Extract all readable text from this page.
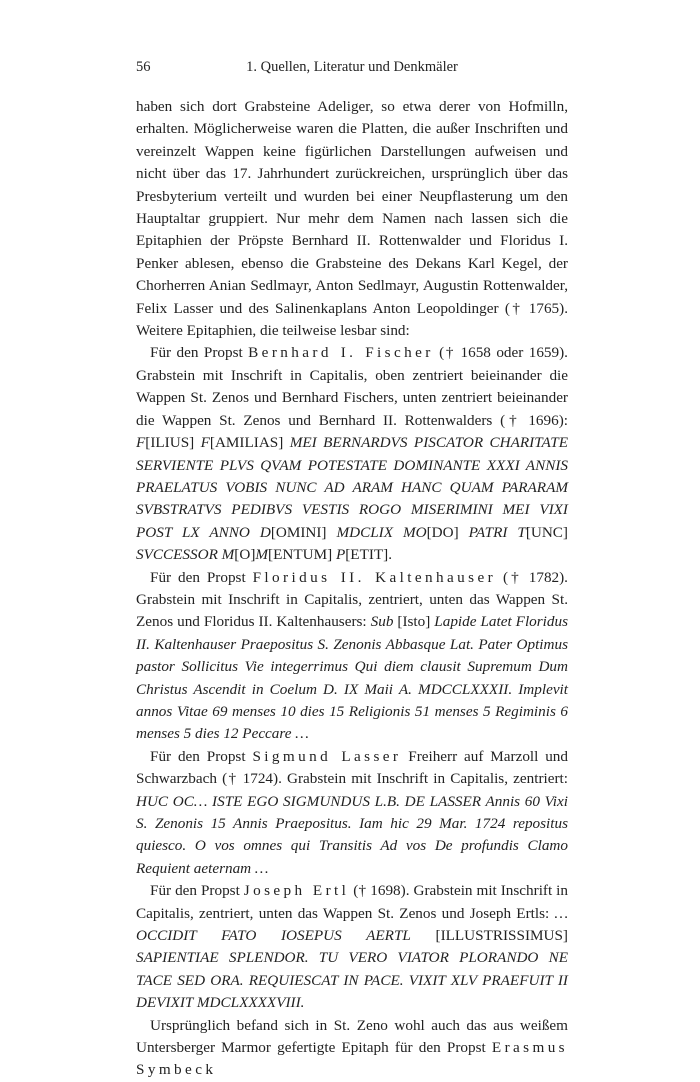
56	1. Quellen, Literatur und Denkmäler

haben sich dort Grabsteine Adeliger, so etwa derer von Hofmilln, erhalten. Möglicherweise waren die Platten, die außer Inschriften und vereinzelt Wappen keine figürlichen Darstellungen aufweisen und nicht über das 17. Jahrhundert zurückreichen, ursprünglich über das Presbyterium verteilt und wurden bei einer Neupflasterung um den Hauptaltar gruppiert. Nur mehr dem Namen nach lassen sich die Epitaphien der Pröpste Bernhard II. Rottenwalder und Floridus I. Penker ablesen, ebenso die Grabsteine des Dekans Karl Kegel, der Chorherren Anian Sedlmayr, Anton Sedlmayr, Augustin Rottenwalder, Felix Lasser und des Salinenkaplans Anton Leopoldinger († 1765). Weitere Epitaphien, die teilweise lesbar sind:

Für den Propst Bernhard I. Fischer († 1658 oder 1659). Grabstein mit Inschrift in Capitalis, oben zentriert beieinander die Wappen St. Zenos und Bernhard Fischers, unten zentriert beieinander die Wappen St. Zenos und Bernhard II. Rottenwalders († 1696): F[ILIUS] F[AMILIAS] MEI BERNARDVS PISCATOR CHARITATE SERVIENTE PLVS QVAM POTESTATE DOMINANTE XXXI ANNIS PRAELATUS VOBIS NUNC AD ARAM HANC QUAM PARARAM SVBSTRATVS PEDIBVS VESTIS ROGO MISERIMINI MEI VIXI POST LX ANNO D[OMINI] MDCLIX MO[DO] PATRI T[UNC] SVCCESSOR M[O]M[ENTUM] P[ETIT].

Für den Propst Floridus II. Kaltenhauser († 1782). Grabstein mit Inschrift in Capitalis, zentriert, unten das Wappen St. Zenos und Floridus II. Kaltenhausers: Sub [Isto] Lapide Latet Floridus II. Kaltenhauser Praepositus S. Zenonis Abbasque Lat. Pater Optimus pastor Sollicitus Vie integerrimus Qui diem clausit Supremum Dum Christus Ascendit in Coelum D. IX Maii A. MDCCLXXXII. Implevit annos Vitae 69 menses 10 dies 15 Religionis 51 menses 5 Regiminis 6 menses 5 dies 12 Peccare …

Für den Propst Sigmund Lasser Freiherr auf Marzoll und Schwarzbach († 1724). Grabstein mit Inschrift in Capitalis, zentriert: HUC OC… ISTE EGO SIGMUNDUS L.B. DE LASSER Annis 60 Vixi S. Zenonis 15 Annis Praepositus. Iam hic 29 Mar. 1724 repositus quiesco. O vos omnes qui Transitis Ad vos De profundis Clamo Requient aeternam …

Für den Propst Joseph Ertl († 1698). Grabstein mit Inschrift in Capitalis, zentriert, unten das Wappen St. Zenos und Joseph Ertls: … OCCIDIT FATO IOSEPUS AERTL [ILLUSTRISSIMUS] SAPIENTIAE SPLENDOR. TU VERO VIATOR PLORANDO NE TACE SED ORA. REQUIESCAT IN PACE. VIXIT XLV PRAEFUIT II DEVIXIT MDCLXXXXVIII.

Ursprünglich befand sich in St. Zeno wohl auch das aus weißem Untersberger Marmor gefertigte Epitaph für den Propst Erasmus Symbeck
